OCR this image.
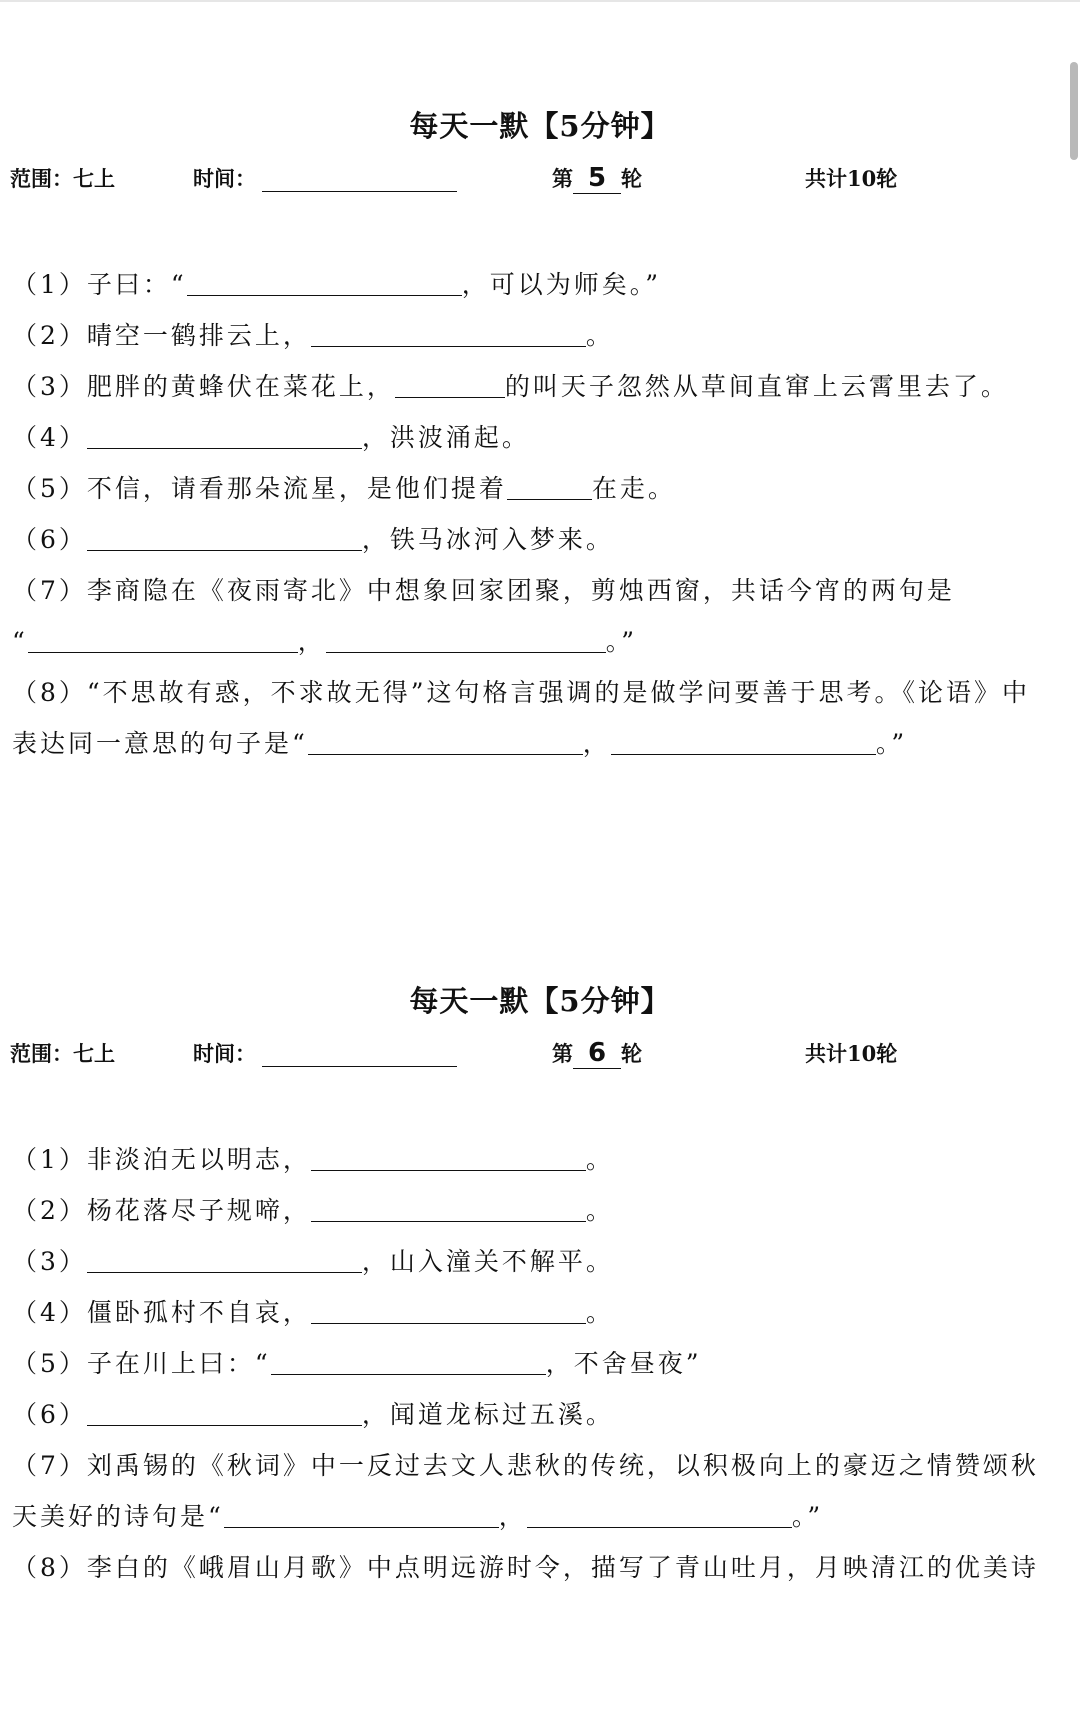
每天一默【5分钟】
范围：七上	时间：	第 5 轮	共计10轮
（1）子曰：“	，可以为师矣。”
（2）晴空一鹤排云上，	。
（3）肥胖的黄蜂伏在菜花上，	的叫天子忽然从草间直窜上云霄里去了。
（4）	，洪波涌起。
（5）不信，请看那朵流星，是他们提着	在走。
（6）	，铁马冰河入梦来。
（7）李商隐在《夜雨寄北》中想象回家团聚，剪烛西窗，共话今宵的两句是
“	，	。”
（8）“不思故有惑，不求故无得”这句格言强调的是做学问要善于思考。《论语》中
表达同一意思的句子是“	，	。”
每天一默【5分钟】
范围：七上	时间：	第 6 轮	共计10轮
（1）非淡泊无以明志，	。
（2）杨花落尽子规啼，	。
（3）	，山入潼关不解平。
（4）僵卧孤村不自哀，	。
（5）子在川上曰：“	，不舍昼夜”
（6）	，闻道龙标过五溪。
（7）刘禹锡的《秋词》中一反过去文人悲秋的传统，以积极向上的豪迈之情赞颂秋
天美好的诗句是“	，	。”
（8）李白的《峨眉山月歌》中点明远游时令，描写了青山吐月，月映清江的优美诗
